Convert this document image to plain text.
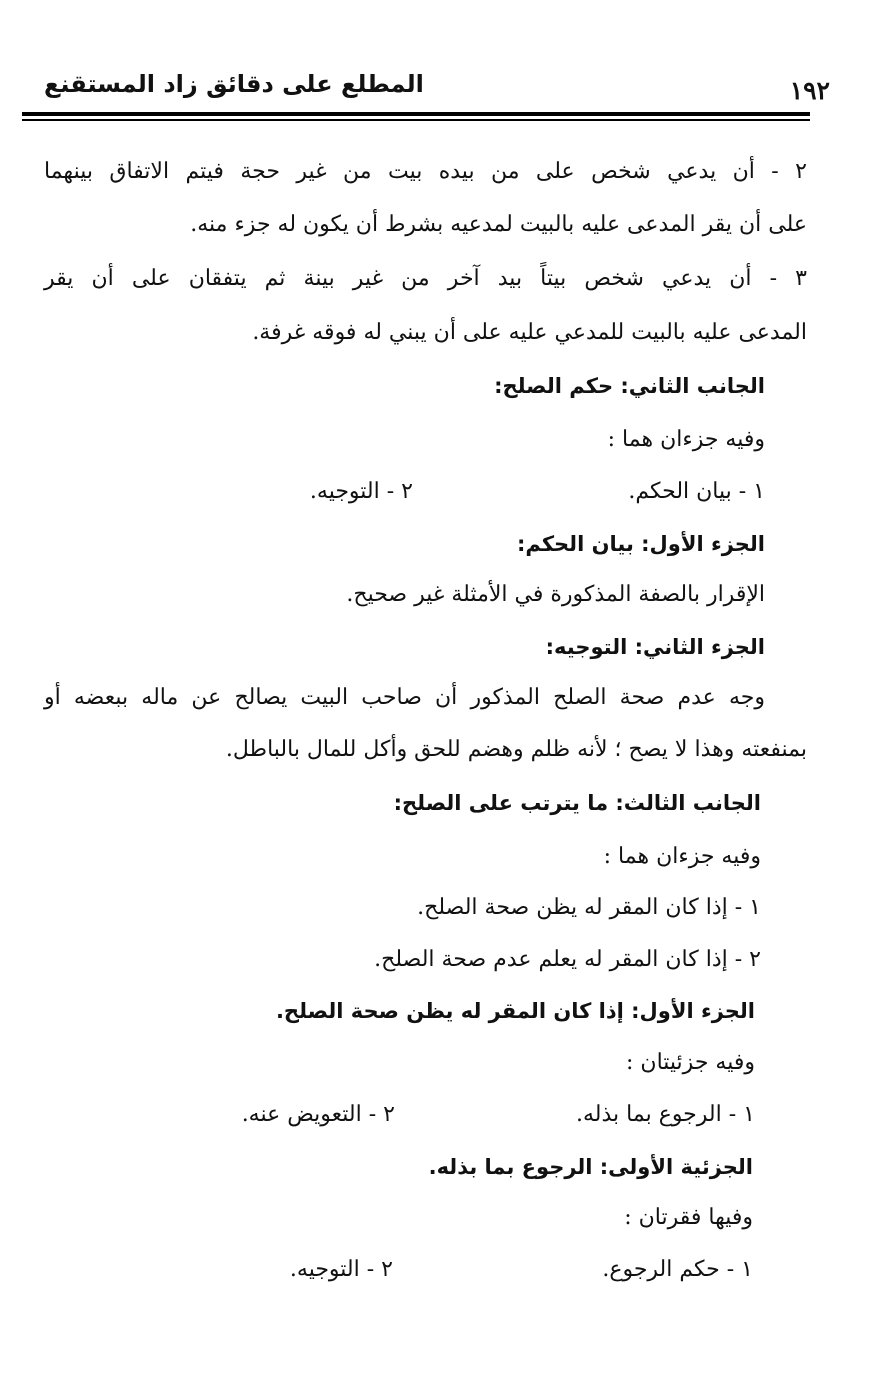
١٩٢
المطلع على دقائق زاد المستقنع
٢ - أن يدعي شخص على من بيده بيت من غير حجة فيتم الاتفاق بينهما
على أن يقر المدعى عليه بالبيت لمدعيه بشرط أن يكون له جزء منه.
٣ - أن يدعي شخص بيتاً بيد آخر من غير بينة ثم يتفقان على أن يقر
المدعى عليه بالبيت للمدعي عليه على أن يبني له فوقه غرفة.
الجانب الثاني: حكم الصلح:
وفيه جزءان هما :
١ - بيان الحكم.
٢ - التوجيه.
الجزء الأول: بيان الحكم:
الإقرار بالصفة المذكورة في الأمثلة غير صحيح.
الجزء الثاني: التوجيه:
وجه عدم صحة الصلح المذكور أن صاحب البيت يصالح عن ماله ببعضه أو
بمنفعته وهذا لا يصح ؛ لأنه ظلم وهضم للحق وأكل للمال بالباطل.
الجانب الثالث: ما يترتب على الصلح:
وفيه جزءان هما :
١ - إذا كان المقر له يظن صحة الصلح.
٢ - إذا كان المقر له يعلم عدم صحة الصلح.
الجزء الأول: إذا كان المقر له يظن صحة الصلح.
وفيه جزئيتان :
١ - الرجوع بما بذله.
٢ - التعويض عنه.
الجزئية الأولى: الرجوع بما بذله.
وفيها فقرتان :
١ - حكم الرجوع.
٢ - التوجيه.
